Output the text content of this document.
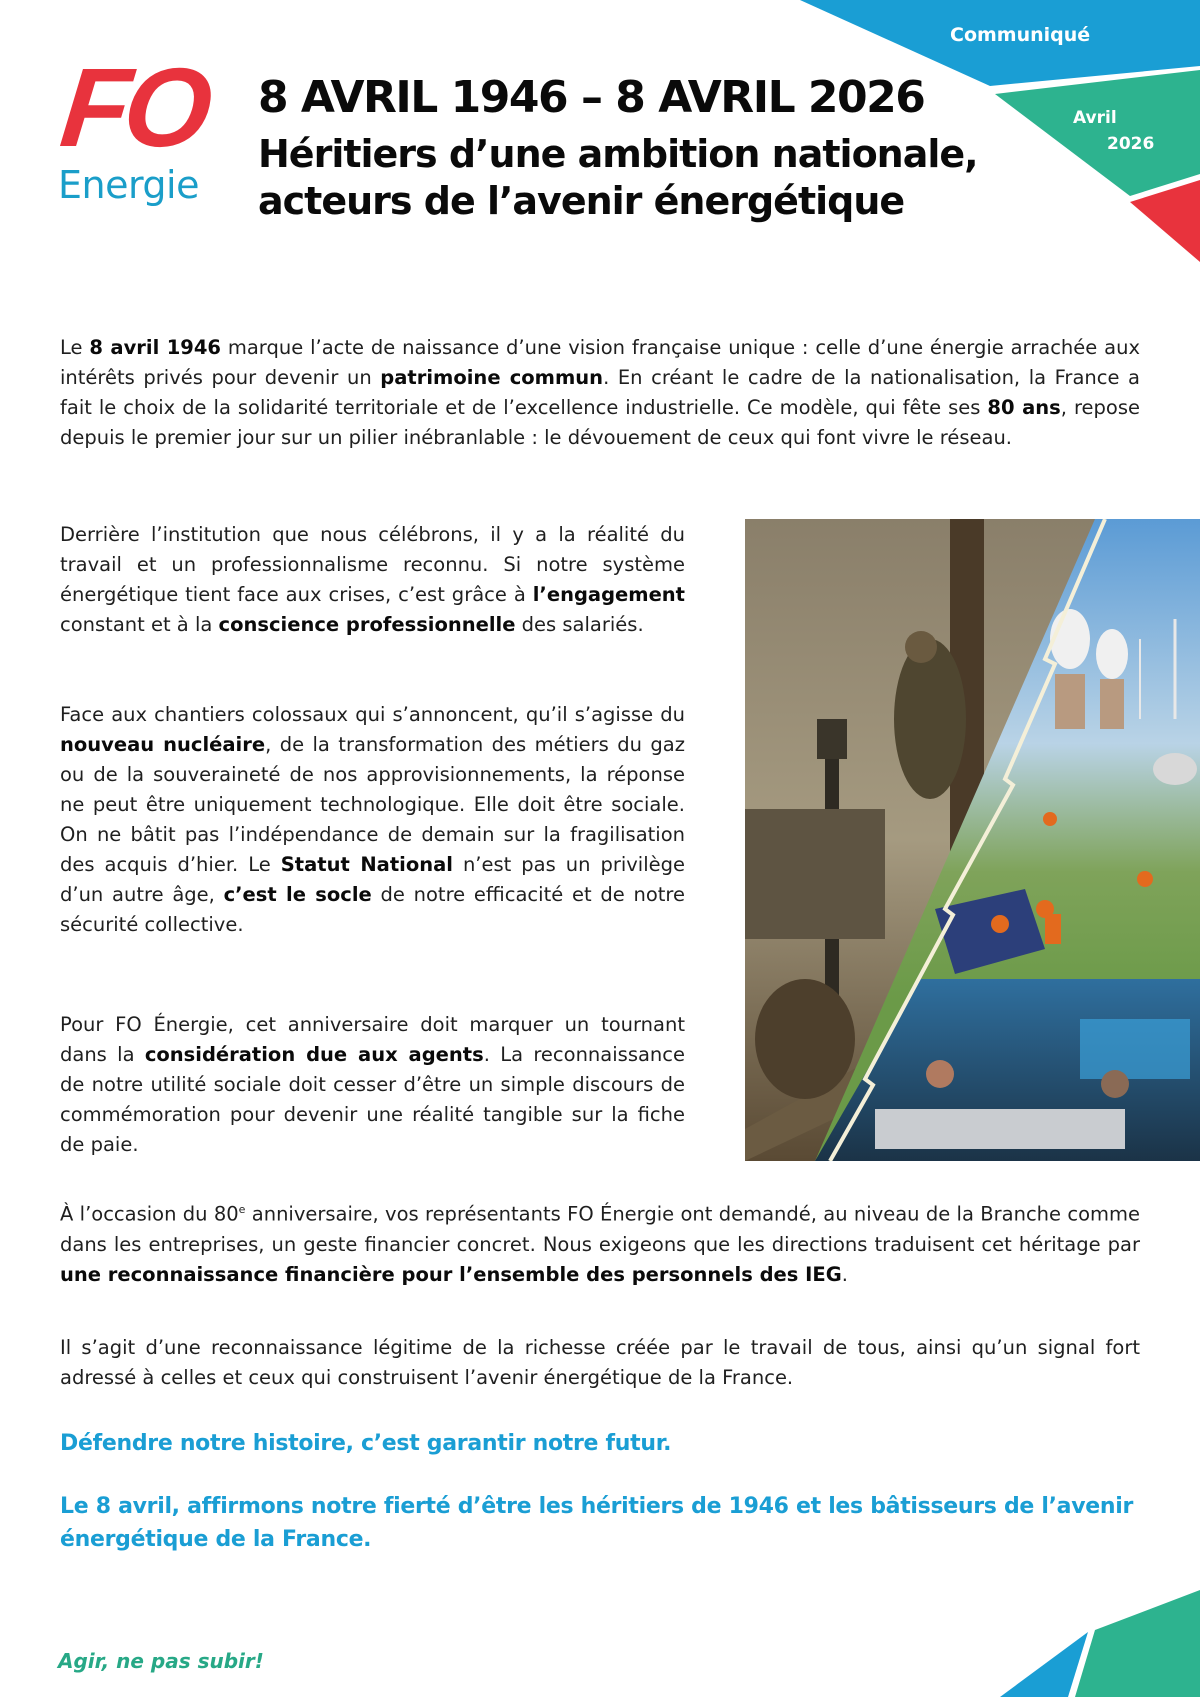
Communiqué
Avril
2026
FO
Energie
8 AVRIL 1946 – 8 AVRIL 2026
Héritiers d’une ambition nationale,
acteurs de l’avenir énergétique
Le 8 avril 1946 marque l’acte de naissance d’une vision française unique : celle d’une énergie arrachée aux intérêts privés pour devenir un patrimoine commun. En créant le cadre de la nationalisation, la France a fait le choix de la solidarité territoriale et de l’excellence industrielle. Ce modèle, qui fête ses 80 ans, repose depuis le premier jour sur un pilier inébranlable : le dévouement de ceux qui font vivre le réseau.
Derrière l’institution que nous célébrons, il y a la réalité du travail et un professionnalisme reconnu. Si notre système énergétique tient face aux crises, c’est grâce à l’engagement constant et à la conscience professionnelle des salariés.
Face aux chantiers colossaux qui s’annoncent, qu’il s’agisse du nouveau nucléaire, de la transformation des métiers du gaz ou de la souveraineté de nos approvisionnements, la réponse ne peut être uniquement technologique. Elle doit être sociale. On ne bâtit pas l’indépendance de demain sur la fragilisation des acquis d’hier. Le Statut National n’est pas un privilège d’un autre âge, c’est le socle de notre efficacité et de notre sécurité collective.
Pour FO Énergie, cet anniversaire doit marquer un tournant dans la considération due aux agents. La reconnaissance de notre utilité sociale doit cesser d’être un simple discours de commémoration pour devenir une réalité tangible sur la fiche de paie.
À l’occasion du 80e anniversaire, vos représentants FO Énergie ont demandé, au niveau de la Branche comme dans les entreprises, un geste financier concret. Nous exigeons que les directions traduisent cet héritage par une reconnaissance financière pour l’ensemble des personnels des IEG.
Il s’agit d’une reconnaissance légitime de la richesse créée par le travail de tous, ainsi qu’un signal fort adressé à celles et ceux qui construisent l’avenir énergétique de la France.
Défendre notre histoire, c’est garantir notre futur.
Le 8 avril, affirmons notre fierté d’être les héritiers de 1946 et les bâtisseurs de l’avenir énergétique de la France.
Agir, ne pas subir!
